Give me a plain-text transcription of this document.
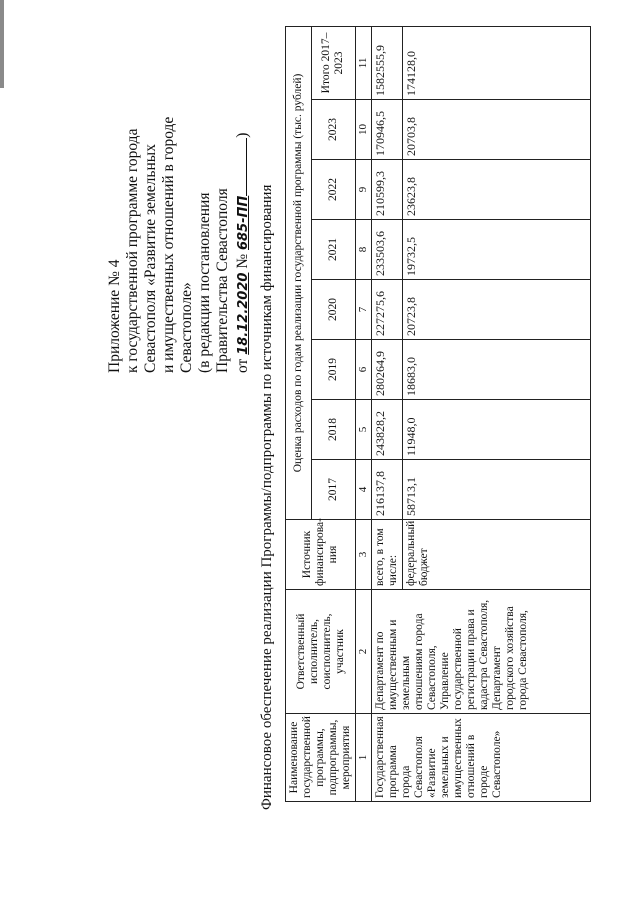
Приложение № 4 к государственной программе города Севастополя «Развитие земельных и имущественных отношений в городе Севастополе» (в редакции постановления Правительства Севастополя от 18.12.2020 № 685-ПП)
Финансовое обеспечение реализации Программы/подпрограммы по источникам финансирования Наименование государственной программы, подпрограммы, мероприятия	Ответственный исполнитель, соисполнитель, участник	Источник финансирова-ния	Оценка расходов по годам реализации государственной программы (тыс. рублей)							
			2017	2018	2019	2020	2021	2022	2023	Итого 2017–2023
1	2	3	4	5	6	7	8	9	10	11
Государственная программа города Севастополя «Развитие земельных и имущественных отношений в городе Севастополе»	Департамент по имущественным и земельным отношениям города Севастополя, Управление государственной регистрации права и кадастра Севастополя, Департамент городского хозяйства города Севастополя,	всего, в том числе:	216137,8	243828,2	280264,9	227275,6	233503,6	210599,3	170946,5	1582555,9
		федеральный бюджет	58713,1	11948,0	18683,0	20723,8	19732,5	23623,8	20703,8	174128,0
